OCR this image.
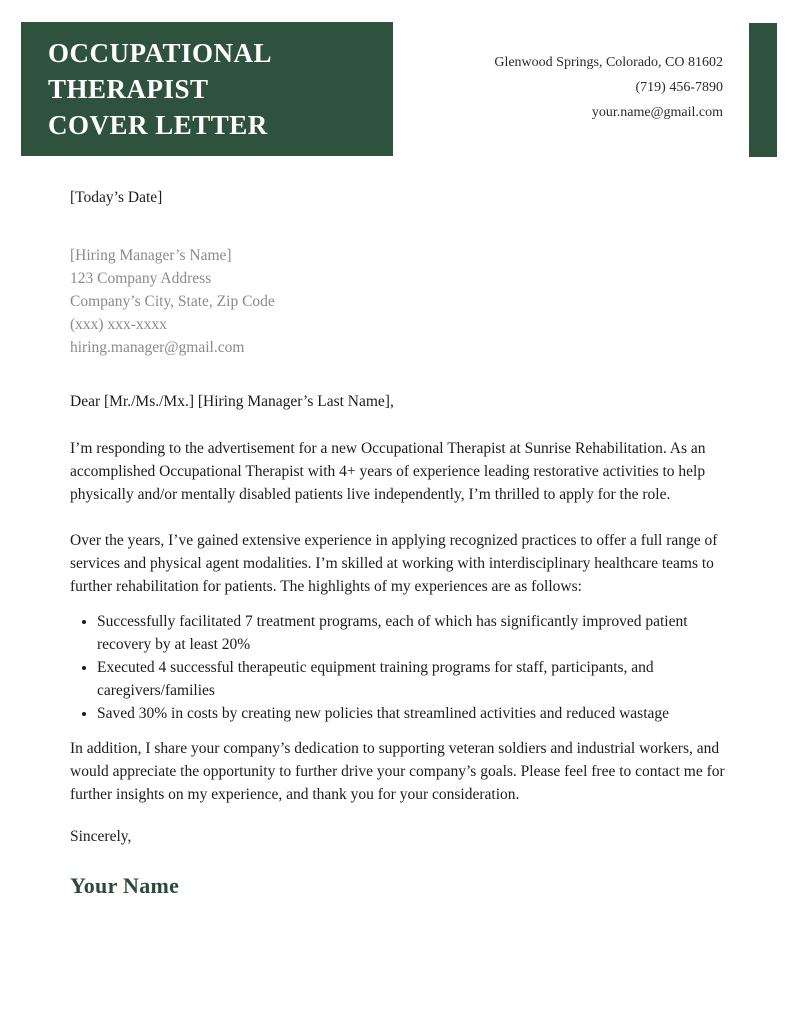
OCCUPATIONAL
THERAPIST
COVER LETTER
Glenwood Springs, Colorado, CO 81602
(719) 456-7890
your.name@gmail.com
[Today’s Date]
[Hiring Manager’s Name]
123 Company Address
Company’s City, State, Zip Code
(xxx) xxx-xxxx
hiring.manager@gmail.com
Dear [Mr./Ms./Mx.] [Hiring Manager’s Last Name],

I’m responding to the advertisement for a new Occupational Therapist at Sunrise Rehabilitation. As an accomplished Occupational Therapist with 4+ years of experience leading restorative activities to help physically and/or mentally disabled patients live independently, I’m thrilled to apply for the role.

Over the years, I’ve gained extensive experience in applying recognized practices to offer a full range of services and physical agent modalities. I’m skilled at working with interdisciplinary healthcare teams to further rehabilitation for patients. The highlights of my experiences are as follows:

• Successfully facilitated 7 treatment programs, each of which has significantly improved patient recovery by at least 20%
• Executed 4 successful therapeutic equipment training programs for staff, participants, and caregivers/families
• Saved 30% in costs by creating new policies that streamlined activities and reduced wastage

In addition, I share your company’s dedication to supporting veteran soldiers and industrial workers, and would appreciate the opportunity to further drive your company’s goals. Please feel free to contact me for further insights on my experience, and thank you for your consideration.

Sincerely,
Your Name
